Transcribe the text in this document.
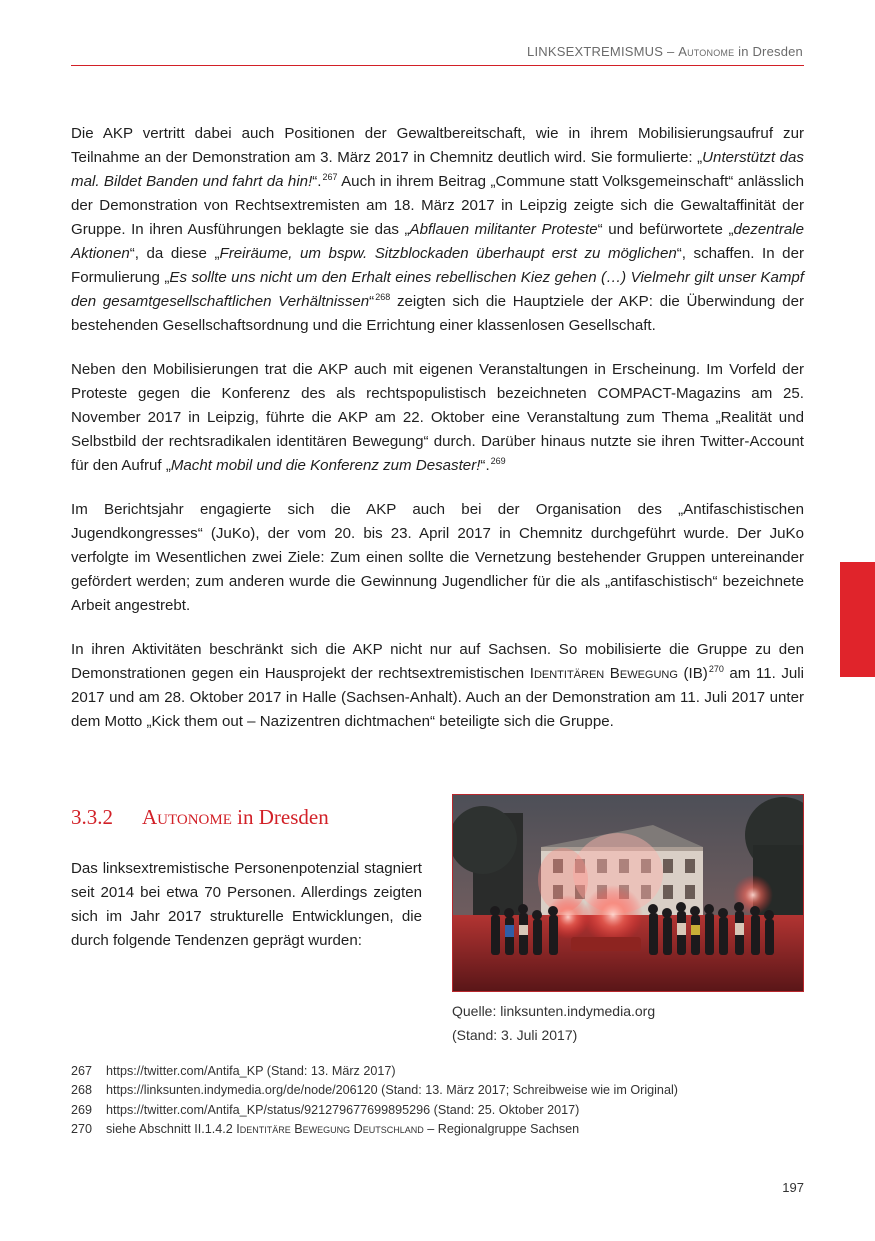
LINKSEXTREMISMUS – Autonome in Dresden

Die AKP vertritt dabei auch Positionen der Gewaltbereitschaft, wie in ihrem Mobilisierungsaufruf zur Teilnahme an der Demonstration am 3. März 2017 in Chemnitz deutlich wird. Sie formulierte: „Unterstützt das mal. Bildet Banden und fahrt da hin!“.$^{267}$ Auch in ihrem Beitrag „Commune statt Volksgemeinschaft“ anlässlich der Demonstration von Rechtsextremisten am 18. März 2017 in Leipzig zeigte sich die Gewaltaffinität der Gruppe. In ihren Ausführungen beklagte sie das „Abflauen militanter Proteste“ und befürwortete „dezentrale Aktionen“, da diese „Freiräume, um bspw. Sitzblockaden überhaupt erst zu möglichen“, schaffen. In der Formulierung „Es sollte uns nicht um den Erhalt eines rebellischen Kiez gehen (…) Vielmehr gilt unser Kampf den gesamtgesellschaftlichen Verhältnissen“$^{268}$ zeigten sich die Hauptziele der AKP: die Überwindung der bestehenden Gesellschaftsordnung und die Errichtung einer klassenlosen Gesellschaft.

Neben den Mobilisierungen trat die AKP auch mit eigenen Veranstaltungen in Erscheinung. Im Vorfeld der Proteste gegen die Konferenz des als rechtspopulistisch bezeichneten COMPACT-Magazins am 25. November 2017 in Leipzig, führte die AKP am 22. Oktober eine Veranstaltung zum Thema „Realität und Selbstbild der rechtsradikalen identitären Bewegung“ durch. Darüber hinaus nutzte sie ihren Twitter-Account für den Aufruf „Macht mobil und die Konferenz zum Desaster!“.$^{269}$

Im Berichtsjahr engagierte sich die AKP auch bei der Organisation des „Antifaschistischen Jugendkongresses“ (JuKo), der vom 20. bis 23. April 2017 in Chemnitz durchgeführt wurde. Der JuKo verfolgte im Wesentlichen zwei Ziele: Zum einen sollte die Vernetzung bestehender Gruppen untereinander gefördert werden; zum anderen wurde die Gewinnung Jugendlicher für die als „antifaschistisch“ bezeichnete Arbeit angestrebt.

In ihren Aktivitäten beschränkt sich die AKP nicht nur auf Sachsen. So mobilisierte die Gruppe zu den Demonstrationen gegen ein Hausprojekt der rechtsextremistischen Identitären Bewegung (IB)$^{270}$ am 11. Juli 2017 und am 28. Oktober 2017 in Halle (Sachsen-Anhalt). Auch an der Demonstration am 11. Juli 2017 unter dem Motto „Kick them out – Nazizentren dichtmachen“ beteiligte sich die Gruppe.

3.3.2 Autonome in Dresden
Das linksextremistische Personenpotenzial stagniert seit 2014 bei etwa 70 Personen. Allerdings zeigten sich im Jahr 2017 strukturelle Entwicklungen, die durch folgende Tendenzen geprägt wurden:
Quelle: linksunten.indymedia.org
(Stand: 3. Juli 2017)
267 https://twitter.com/Antifa_KP (Stand: 13. März 2017)
268 https://linksunten.indymedia.org/de/node/206120 (Stand: 13. März 2017; Schreibweise wie im Original)
269 https://twitter.com/Antifa_KP/status/921279677699895296 (Stand: 25. Oktober 2017)
270 siehe Abschnitt II.1.4.2 Identitäre Bewegung Deutschland – Regionalgruppe Sachsen
197
